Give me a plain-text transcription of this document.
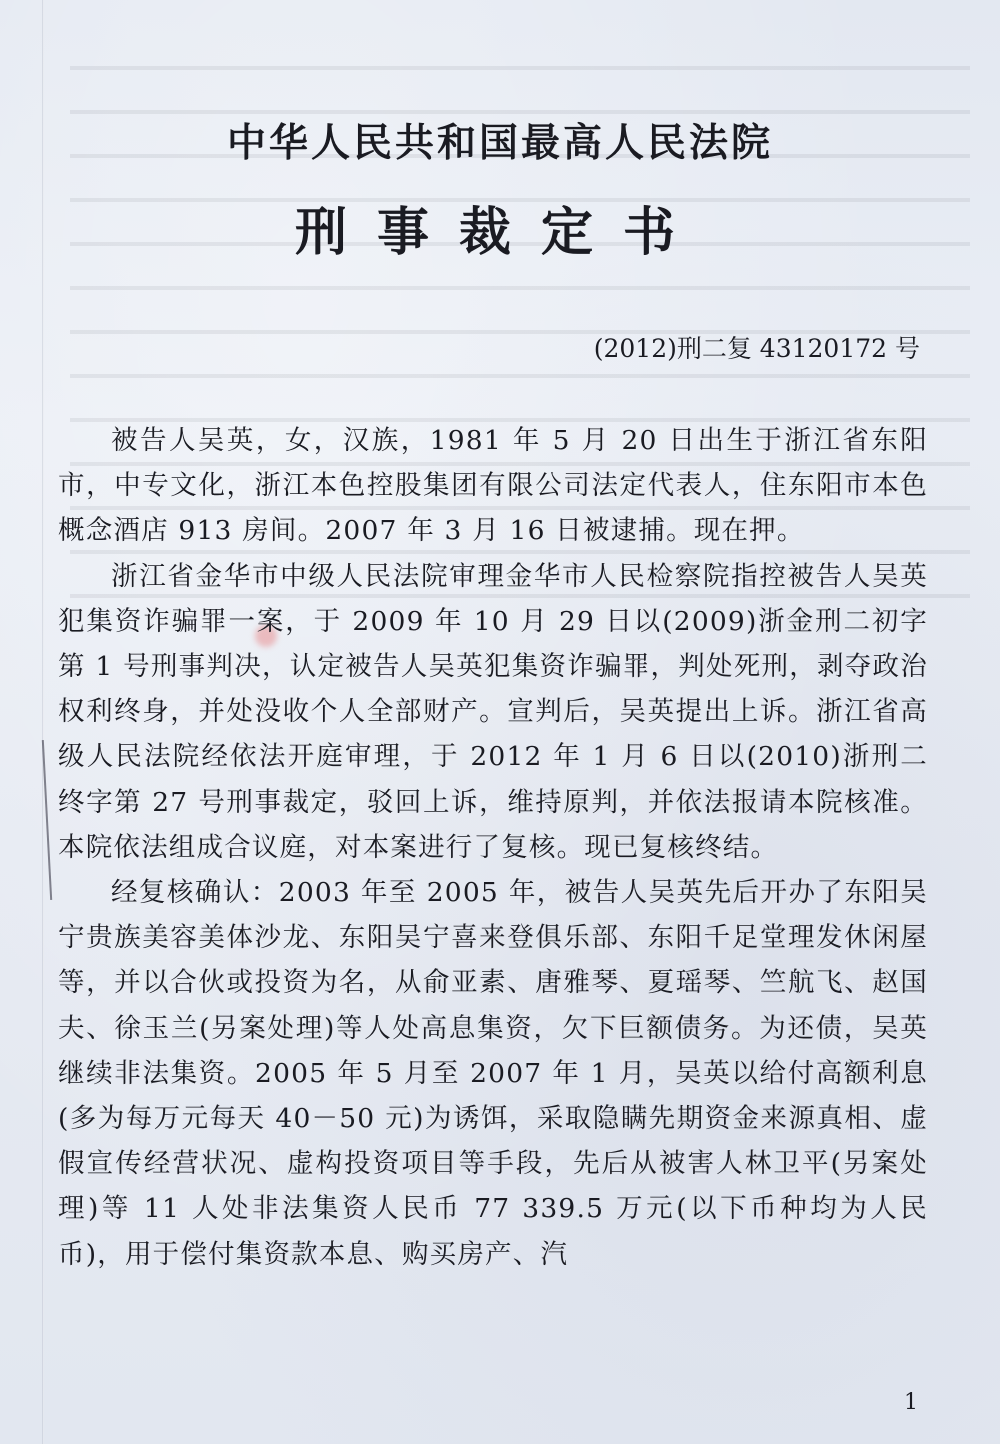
中华人民共和国最高人民法院
刑事裁定书

(2012)刑二复 43120172 号

被告人吴英，女，汉族，1981 年 5 月 20 日出生于浙江省东阳市，中专文化，浙江本色控股集团有限公司法定代表人，住东阳市本色概念酒店 913 房间。2007 年 3 月 16 日被逮捕。现在押。

浙江省金华市中级人民法院审理金华市人民检察院指控被告人吴英犯集资诈骗罪一案，于 2009 年 10 月 29 日以(2009)浙金刑二初字第 1 号刑事判决，认定被告人吴英犯集资诈骗罪，判处死刑，剥夺政治权利终身，并处没收个人全部财产。宣判后，吴英提出上诉。浙江省高级人民法院经依法开庭审理，于 2012 年 1 月 6 日以(2010)浙刑二终字第 27 号刑事裁定，驳回上诉，维持原判，并依法报请本院核准。本院依法组成合议庭，对本案进行了复核。现已复核终结。

经复核确认：2003 年至 2005 年，被告人吴英先后开办了东阳吴宁贵族美容美体沙龙、东阳吴宁喜来登俱乐部、东阳千足堂理发休闲屋等，并以合伙或投资为名，从俞亚素、唐雅琴、夏瑶琴、竺航飞、赵国夫、徐玉兰(另案处理)等人处高息集资，欠下巨额债务。为还债，吴英继续非法集资。2005 年 5 月至 2007 年 1 月，吴英以给付高额利息(多为每万元每天 40－50 元)为诱饵，采取隐瞒先期资金来源真相、虚假宣传经营状况、虚构投资项目等手段，先后从被害人林卫平(另案处理)等 11 人处非法集资人民币 77 339.5 万元(以下币种均为人民币)，用于偿付集资款本息、购买房产、汽

1
